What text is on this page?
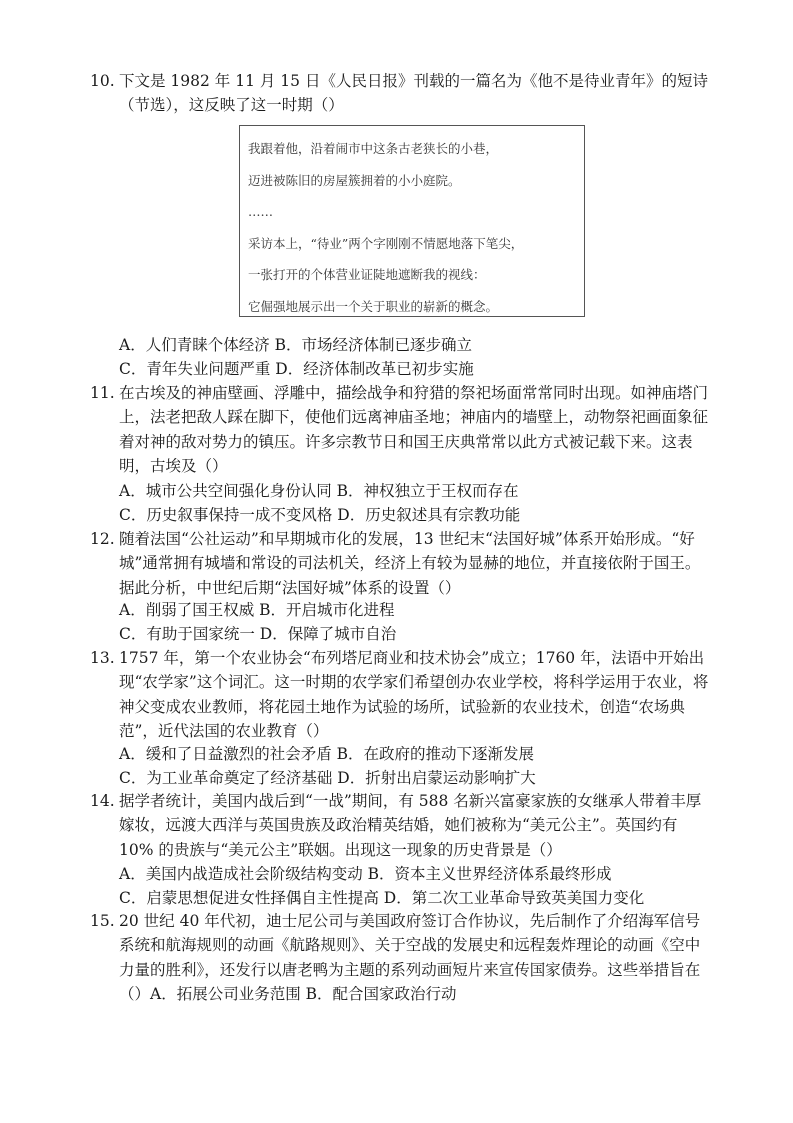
10. 下文是 1982 年 11 月 15 日《人民日报》刊载的一篇名为《他不是待业青年》的短诗（节选），这反映了这一时期（）
我跟着他，沿着闹市中这条古老狭长的小巷，
迈进被陈旧的房屋簇拥着的小小庭院。
……
采访本上，“待业”两个字刚刚不情愿地落下笔尖，
一张打开的个体营业证陡地遮断我的视线：
它倔强地展示出一个关于职业的崭新的概念。
A．人们青睐个体经济 B．市场经济体制已逐步确立
C．青年失业问题严重 D．经济体制改革已初步实施
11. 在古埃及的神庙壁画、浮雕中，描绘战争和狩猎的祭祀场面常常同时出现。如神庙塔门上，法老把敌人踩在脚下，使他们远离神庙圣地；神庙内的墙壁上，动物祭祀画面象征着对神的敌对势力的镇压。许多宗教节日和国王庆典常常以此方式被记载下来。这表明，古埃及（）
A．城市公共空间强化身份认同 B．神权独立于王权而存在
C．历史叙事保持一成不变风格 D．历史叙述具有宗教功能
12. 随着法国“公社运动”和早期城市化的发展，13 世纪末“法国好城”体系开始形成。“好城”通常拥有城墙和常设的司法机关，经济上有较为显赫的地位，并直接依附于国王。据此分析，中世纪后期“法国好城”体系的设置（）
A．削弱了国王权威 B．开启城市化进程
C．有助于国家统一 D．保障了城市自治
13. 1757 年，第一个农业协会“布列塔尼商业和技术协会”成立；1760 年，法语中开始出现“农学家”这个词汇。这一时期的农学家们希望创办农业学校，将科学运用于农业，将神父变成农业教师，将花园土地作为试验的场所，试验新的农业技术，创造“农场典范”，近代法国的农业教育（）
A．缓和了日益激烈的社会矛盾 B．在政府的推动下逐渐发展
C．为工业革命奠定了经济基础 D．折射出启蒙运动影响扩大
14. 据学者统计，美国内战后到“一战”期间，有 588 名新兴富豪家族的女继承人带着丰厚嫁妆，远渡大西洋与英国贵族及政治精英结婚，她们被称为“美元公主”。英国约有 10% 的贵族与“美元公主”联姻。出现这一现象的历史背景是（）
A．美国内战造成社会阶级结构变动 B．资本主义世界经济体系最终形成
C．启蒙思想促进女性择偶自主性提高 D．第二次工业革命导致英美国力变化
15. 20 世纪 40 年代初，迪士尼公司与美国政府签订合作协议，先后制作了介绍海军信号系统和航海规则的动画《航路规则》、关于空战的发展史和远程轰炸理论的动画《空中力量的胜利》，还发行以唐老鸭为主题的系列动画短片来宣传国家债券。这些举措旨在（）A．拓展公司业务范围 B．配合国家政治行动
